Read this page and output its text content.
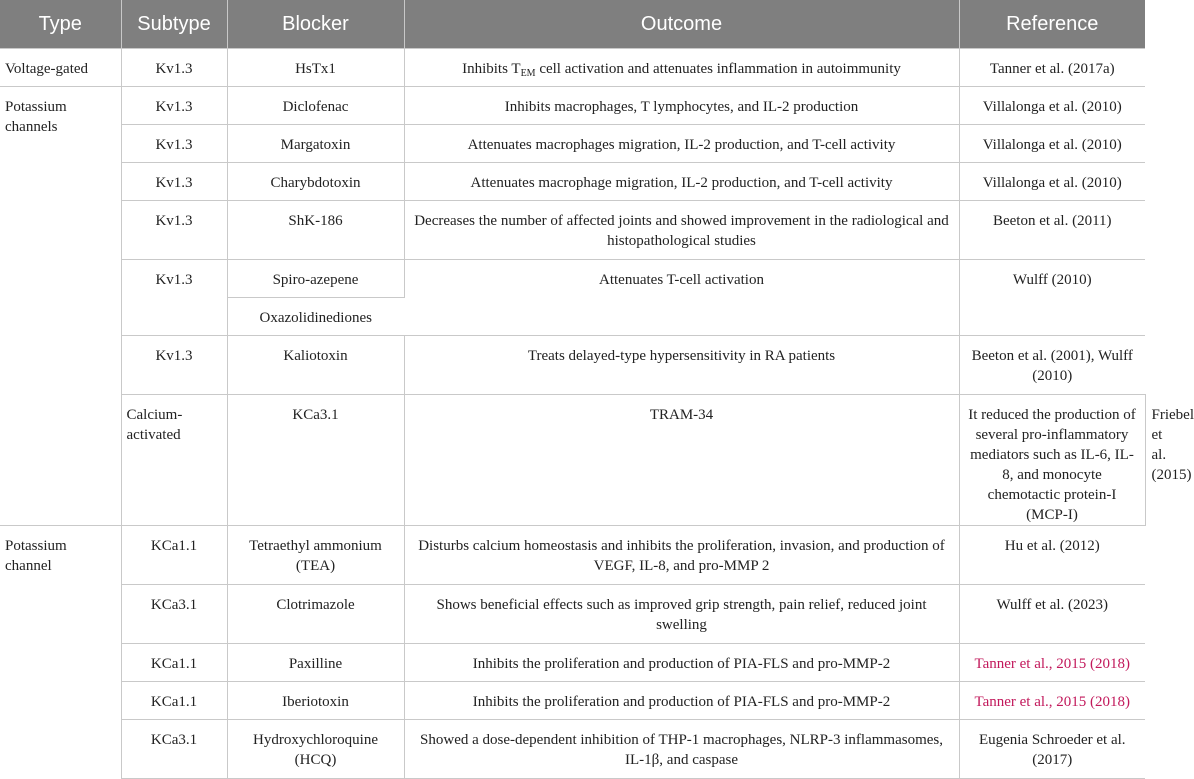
Type	Subtype	Blocker	Outcome	Reference	
Voltage-gated	Kv1.3	HsTx1	Inhibits $T_{EM}$ cell activation and attenuates inflammation in autoimmunity	Tanner et al. (2017a)	
Potassium channels	Kv1.3	Diclofenac	Inhibits macrophages, T lymphocytes, and IL-2 production	Villalonga et al. (2010)	
	Kv1.3	Margatoxin	Attenuates macrophages migration, IL-2 production, and T-cell activity	Villalonga et al. (2010)	
	Kv1.3	Charybdotoxin	Attenuates macrophage migration, IL-2 production, and T-cell activity	Villalonga et al. (2010)	
	Kv1.3	ShK-186	Decreases the number of affected joints and showed improvement in the radiological and histopathological studies	Beeton et al. (2011)	
	Kv1.3	Spiro-azepene	Attenuates T-cell activation	Wulff (2010)	
		Oxazolidinediones			
	Kv1.3	Kaliotoxin	Treats delayed-type hypersensitivity in RA patients	Beeton et al. (2001), Wulff (2010)	
	Calcium-activated	KCa3.1	TRAM-34	It reduced the production of several pro-inflammatory mediators such as IL-6, IL-8, and monocyte chemotactic protein-I (MCP-I)	Friebel et al. (2015)
Potassium channel	KCa1.1	Tetraethyl ammonium (TEA)	Disturbs calcium homeostasis and inhibits the proliferation, invasion, and production of VEGF, IL-8, and pro-MMP 2	Hu et al. (2012)	
	KCa3.1	Clotrimazole	Shows beneficial effects such as improved grip strength, pain relief, reduced joint swelling	Wulff et al. (2023)	
	KCa1.1	Paxilline	Inhibits the proliferation and production of PIA-FLS and pro-MMP-2	Tanner et al., 2015 (2018)	
	KCa1.1	Iberiotoxin	Inhibits the proliferation and production of PIA-FLS and pro-MMP-2	Tanner et al., 2015 (2018)	
	KCa3.1	Hydroxychloroquine (HCQ)	Showed a dose-dependent inhibition of THP-1 macrophages, NLRP-3 inflammasomes, IL-1β, and caspase	Eugenia Schroeder et al. (2017)	
